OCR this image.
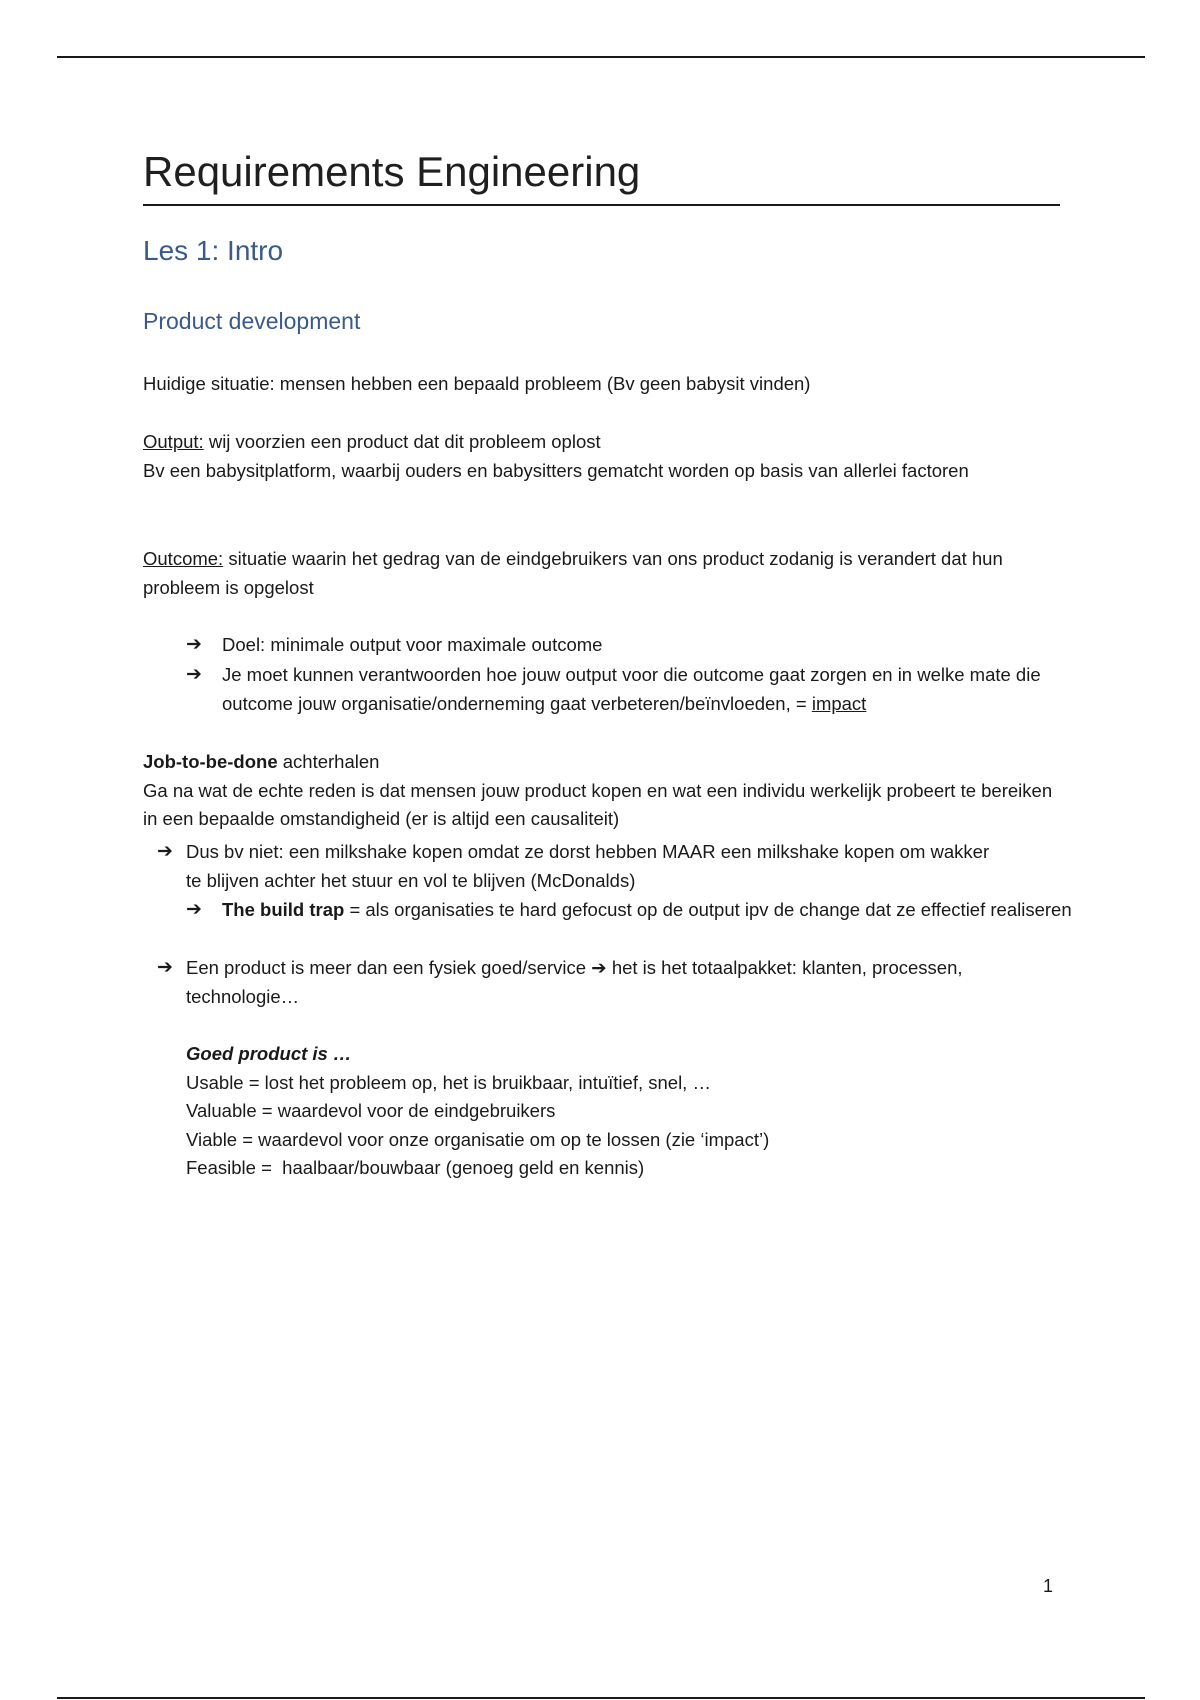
Requirements Engineering
Les 1: Intro
Product development
Huidige situatie: mensen hebben een bepaald probleem (Bv geen babysit vinden)
Output: wij voorzien een product dat dit probleem oplost
Bv een babysitplatform, waarbij ouders en babysitters gematcht worden op basis van allerlei factoren
Outcome: situatie waarin het gedrag van de eindgebruikers van ons product zodanig is verandert dat hun probleem is opgelost
➔ Doel: minimale output voor maximale outcome
➔ Je moet kunnen verantwoorden hoe jouw output voor die outcome gaat zorgen en in welke mate die outcome jouw organisatie/onderneming gaat verbeteren/beïnvloeden, = impact
Job-to-be-done achterhalen
Ga na wat de echte reden is dat mensen jouw product kopen en wat een individu werkelijk probeert te bereiken in een bepaalde omstandigheid (er is altijd een causaliteit)
➔ Dus bv niet: een milkshake kopen omdat ze dorst hebben MAAR een milkshake kopen om wakker te blijven achter het stuur en vol te blijven (McDonalds)
➔ The build trap = als organisaties te hard gefocust op de output ipv de change dat ze effectief realiseren
➔ Een product is meer dan een fysiek goed/service ➔ het is het totaalpakket: klanten, processen, technologie…
Goed product is …
Usable = lost het probleem op, het is bruikbaar, intuïtief, snel, …
Valuable = waardevol voor de eindgebruikers
Viable = waardevol voor onze organisatie om op te lossen (zie ‘impact’)
Feasible =  haalbaar/bouwbaar (genoeg geld en kennis)
1
